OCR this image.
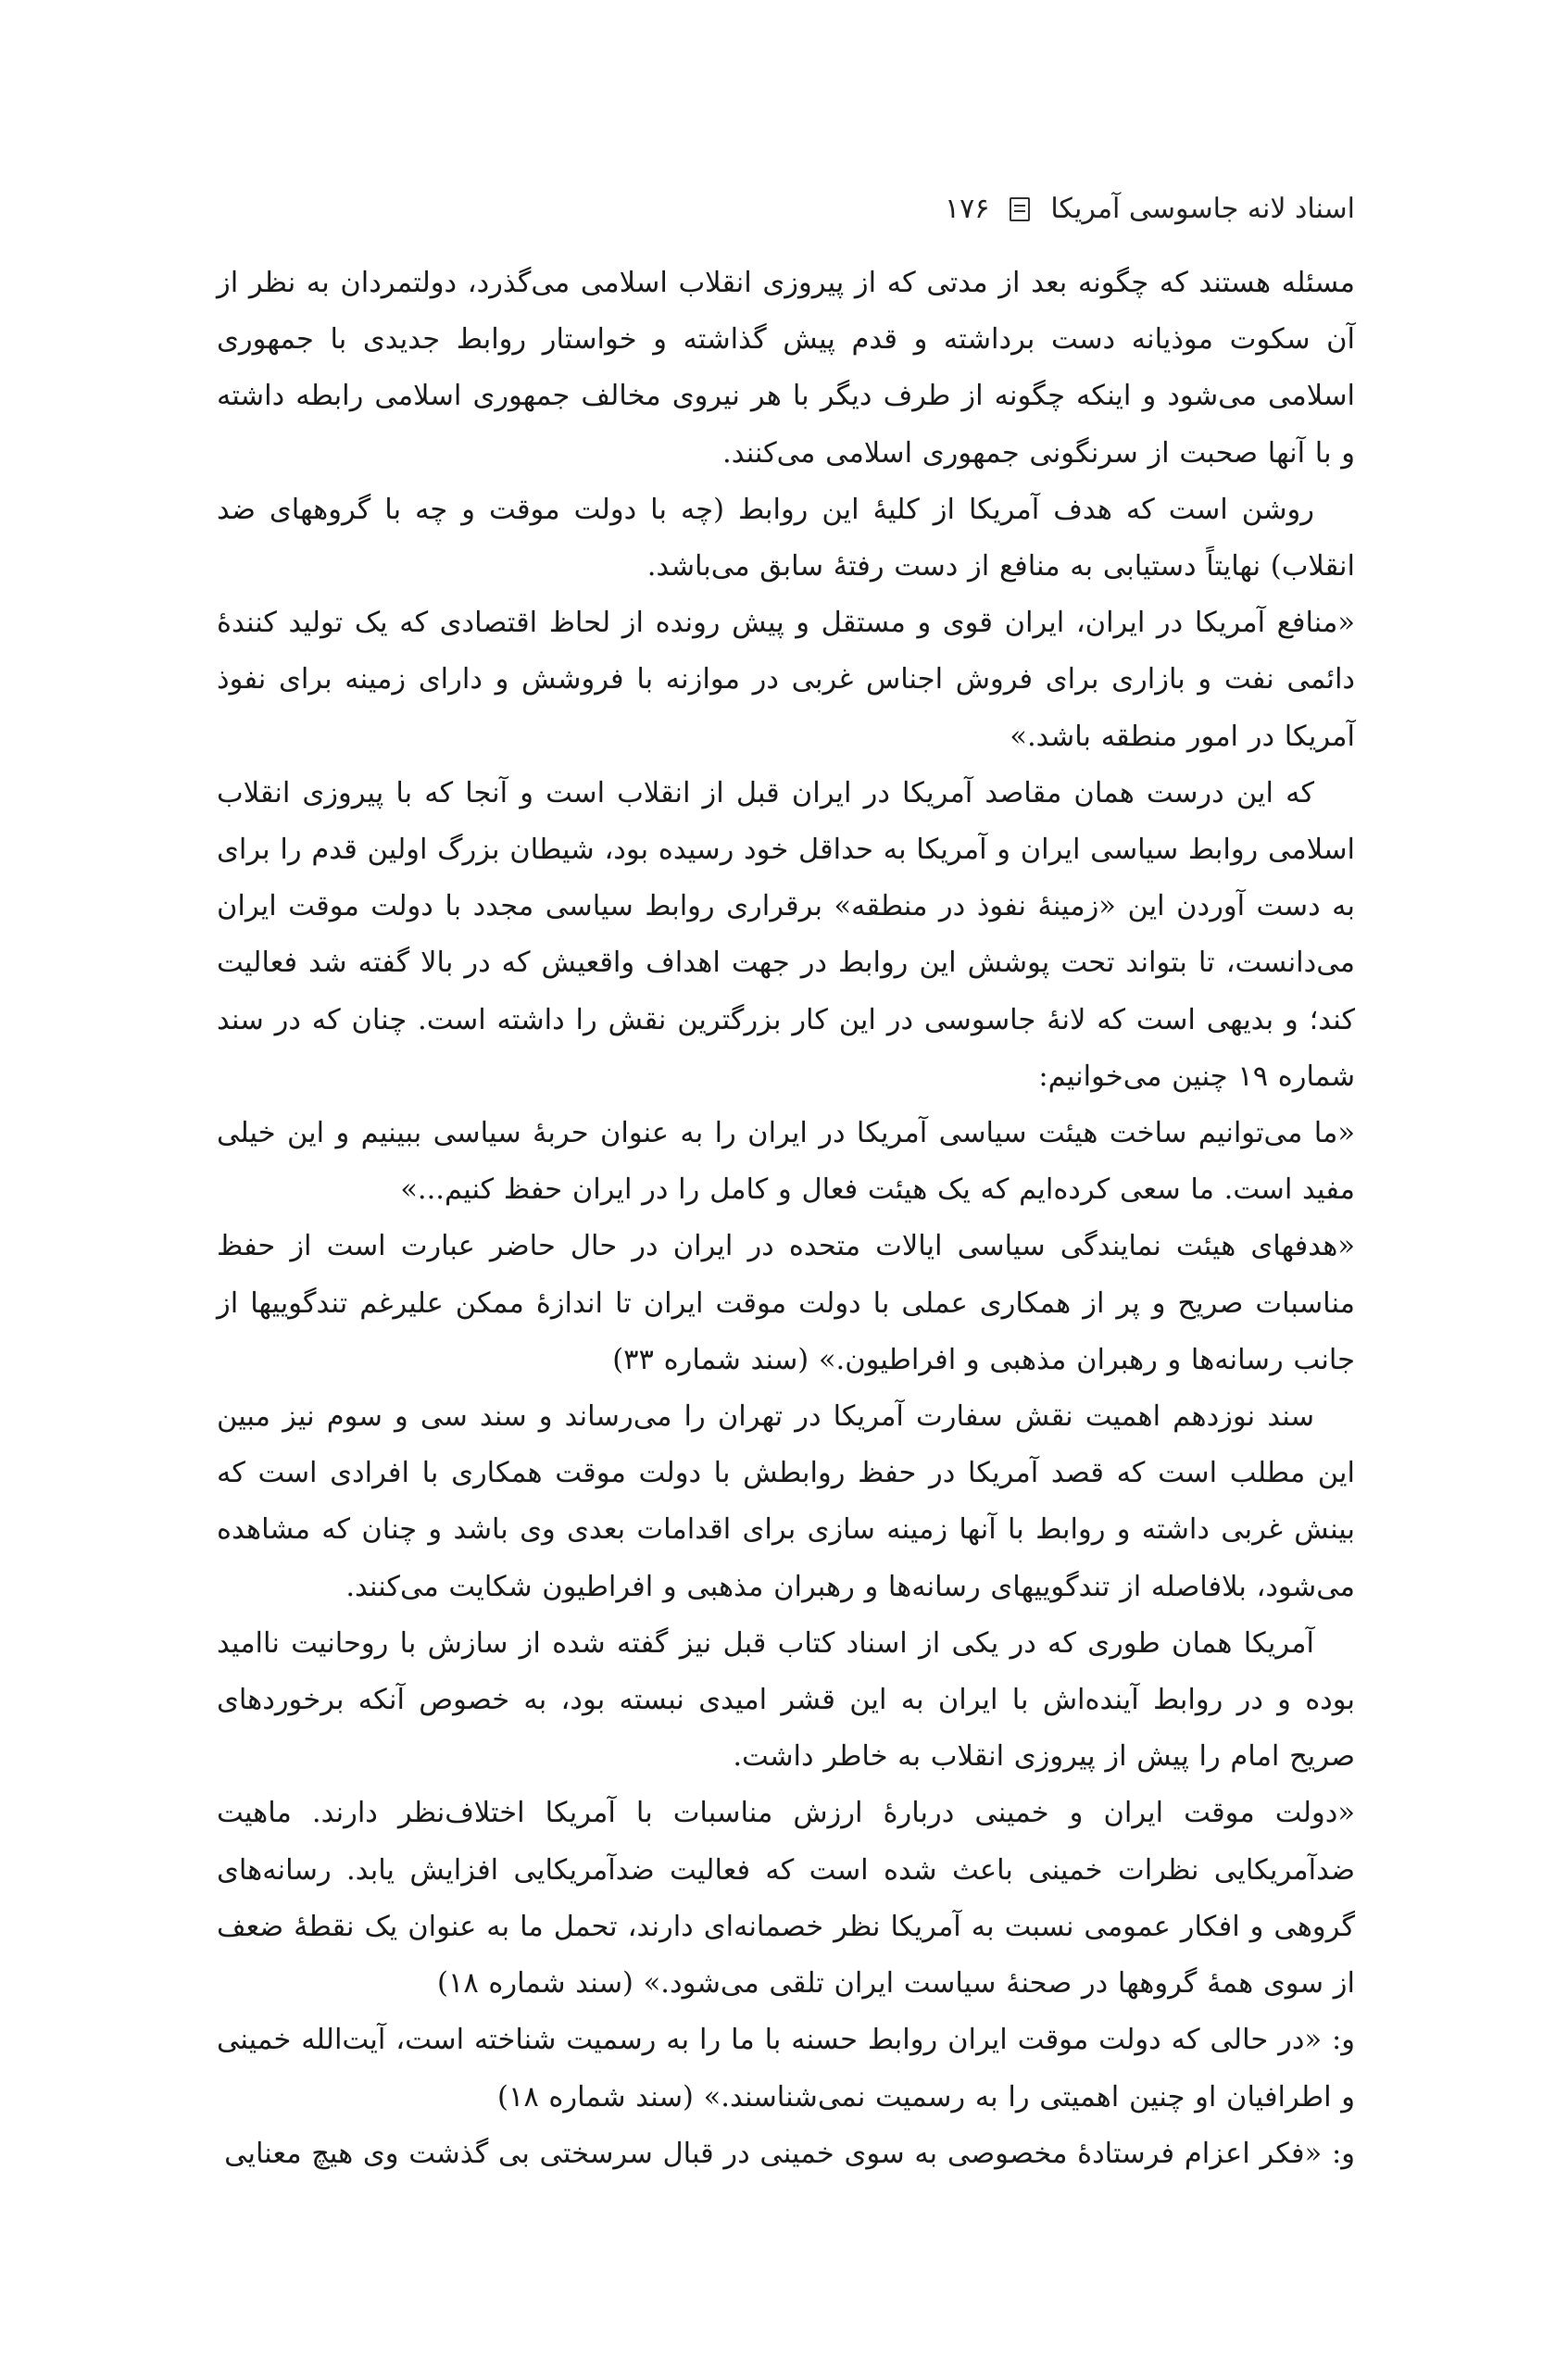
اسناد لانه جاسوسی آمریکا
۱۷۶

مسئله هستند که چگونه بعد از مدتی که از پیروزی انقلاب اسلامی می‌گذرد، دولتمردان به نظر از آن سکوت موذیانه دست برداشته و قدم پیش گذاشته و خواستار روابط جدیدی با جمهوری اسلامی می‌شود و اینکه چگونه از طرف دیگر با هر نیروی مخالف جمهوری اسلامی رابطه داشته و با آنها صحبت از سرنگونی جمهوری اسلامی می‌کنند.

روشن است که هدف آمریکا از کلیهٔ این روابط (چه با دولت موقت و چه با گروههای ضد انقلاب) نهایتاً دستیابی به منافع از دست رفتهٔ سابق می‌باشد.

«منافع آمریکا در ایران، ایران قوی و مستقل و پیش رونده از لحاظ اقتصادی که یک تولید کنندهٔ دائمی نفت و بازاری برای فروش اجناس غربی در موازنه با فروشش و دارای زمینه برای نفوذ آمریکا در امور منطقه باشد.»

که این درست همان مقاصد آمریکا در ایران قبل از انقلاب است و آنجا که با پیروزی انقلاب اسلامی روابط سیاسی ایران و آمریکا به حداقل خود رسیده بود، شیطان بزرگ اولین قدم را برای به دست آوردن این «زمینهٔ نفوذ در منطقه» برقراری روابط سیاسی مجدد با دولت موقت ایران می‌دانست، تا بتواند تحت پوشش این روابط در جهت اهداف واقعیش که در بالا گفته شد فعالیت کند؛ و بدیهی است که لانهٔ جاسوسی در این کار بزرگترین نقش را داشته است. چنان که در سند شماره ۱۹ چنین می‌خوانیم:

«ما می‌توانیم ساخت هیئت سیاسی آمریکا در ایران را به عنوان حربهٔ سیاسی ببینیم و این خیلی مفید است. ما سعی کرده‌ایم که یک هیئت فعال و کامل را در ایران حفظ کنیم...»

«هدفهای هیئت نمایندگی سیاسی ایالات متحده در ایران در حال حاضر عبارت است از حفظ مناسبات صریح و پر از همکاری عملی با دولت موقت ایران تا اندازهٔ ممکن علیرغم تندگوییها از جانب رسانه‌ها و رهبران مذهبی و افراطیون.» (سند شماره ۳۳)

سند نوزدهم اهمیت نقش سفارت آمریکا در تهران را می‌رساند و سند سی و سوم نیز مبین این مطلب است که قصد آمریکا در حفظ روابطش با دولت موقت همکاری با افرادی است که بینش غربی داشته و روابط با آنها زمینه سازی برای اقدامات بعدی وی باشد و چنان که مشاهده می‌شود، بلافاصله از تندگوییهای رسانه‌ها و رهبران مذهبی و افراطیون شکایت می‌کنند.

آمریکا همان طوری که در یکی از اسناد کتاب قبل نیز گفته شده از سازش با روحانیت ناامید بوده و در روابط آینده‌اش با ایران به این قشر امیدی نبسته بود، به خصوص آنکه برخوردهای صریح امام را پیش از پیروزی انقلاب به خاطر داشت.

«دولت موقت ایران و خمینی دربارهٔ ارزش مناسبات با آمریکا اختلاف‌نظر دارند. ماهیت ضدآمریکایی نظرات خمینی باعث شده است که فعالیت ضدآمریکایی افزایش یابد. رسانه‌های گروهی و افکار عمومی نسبت به آمریکا نظر خصمانه‌ای دارند، تحمل ما به عنوان یک نقطهٔ ضعف از سوی همهٔ گروهها در صحنهٔ سیاست ایران تلقی می‌شود.» (سند شماره ۱۸)

و: «در حالی که دولت موقت ایران روابط حسنه با ما را به رسمیت شناخته است، آیت‌الله خمینی و اطرافیان او چنین اهمیتی را به رسمیت نمی‌شناسند.» (سند شماره ۱۸)

و: «فکر اعزام فرستادهٔ مخصوصی به سوی خمینی در قبال سرسختی بی گذشت وی هیچ معنایی
